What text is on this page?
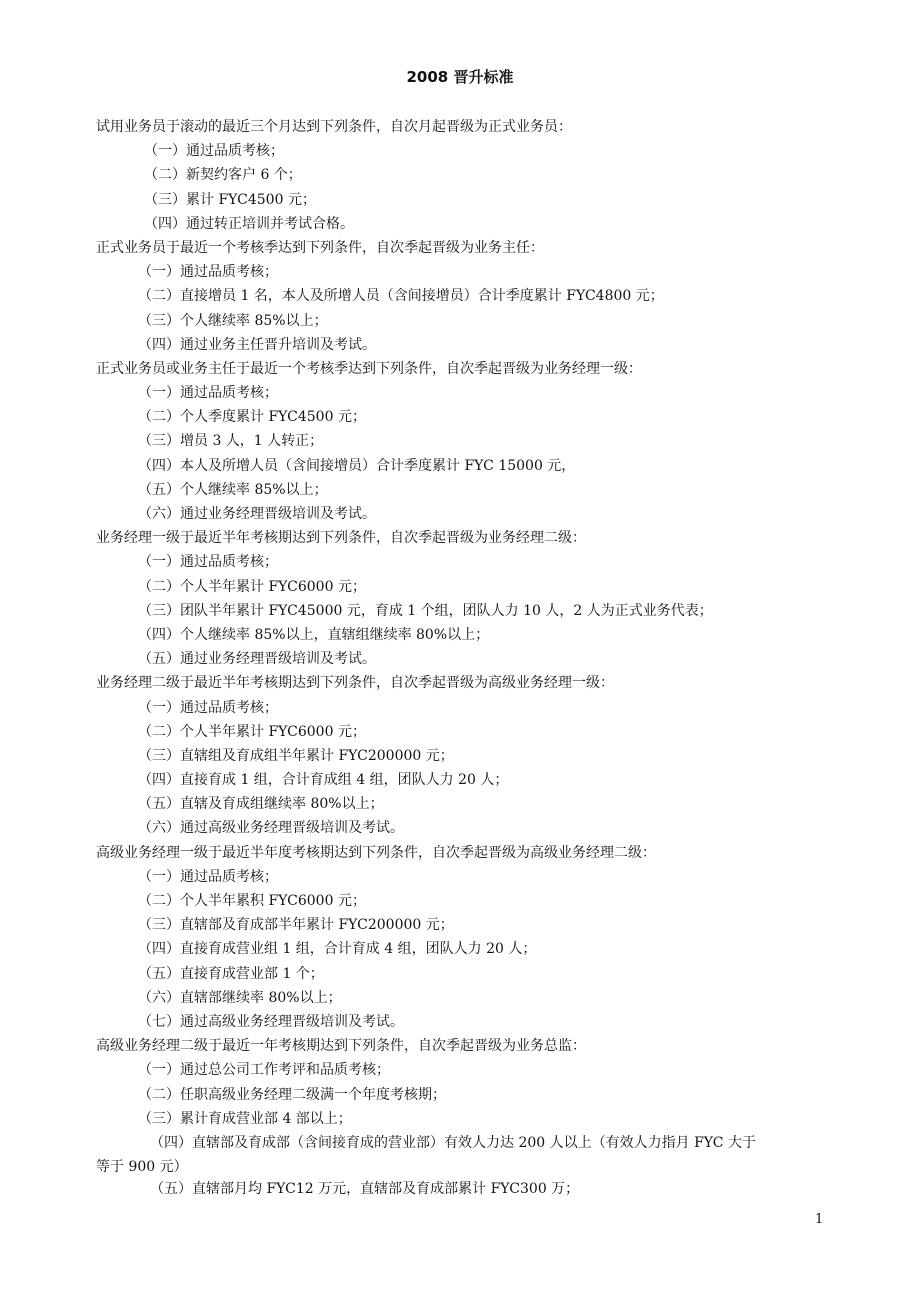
2008 晋升标准
试用业务员于滚动的最近三个月达到下列条件，自次月起晋级为正式业务员：
（一）通过品质考核；
（二）新契约客户 6 个；
（三）累计 FYC4500 元；
（四）通过转正培训并考试合格。
正式业务员于最近一个考核季达到下列条件，自次季起晋级为业务主任：
（一）通过品质考核；
（二）直接增员 1 名，本人及所增人员（含间接增员）合计季度累计 FYC4800 元；
（三）个人继续率 85%以上；
（四）通过业务主任晋升培训及考试。
正式业务员或业务主任于最近一个考核季达到下列条件，自次季起晋级为业务经理一级：
（一）通过品质考核；
（二）个人季度累计 FYC4500 元；
（三）增员 3 人，1 人转正；
（四）本人及所增人员（含间接增员）合计季度累计 FYC 15000 元，
（五）个人继续率 85%以上；
（六）通过业务经理晋级培训及考试。
业务经理一级于最近半年考核期达到下列条件，自次季起晋级为业务经理二级：
（一）通过品质考核；
（二）个人半年累计 FYC6000 元；
（三）团队半年累计 FYC45000 元，育成 1 个组，团队人力 10 人，2 人为正式业务代表；
（四）个人继续率 85%以上，直辖组继续率 80%以上；
（五）通过业务经理晋级培训及考试。
业务经理二级于最近半年考核期达到下列条件，自次季起晋级为高级业务经理一级：
（一）通过品质考核；
（二）个人半年累计 FYC6000 元；
（三）直辖组及育成组半年累计 FYC200000 元；
（四）直接育成 1 组，合计育成组 4 组，团队人力 20 人；
（五）直辖及育成组继续率 80%以上；
（六）通过高级业务经理晋级培训及考试。
高级业务经理一级于最近半年度考核期达到下列条件，自次季起晋级为高级业务经理二级：
（一）通过品质考核；
（二）个人半年累积 FYC6000 元；
（三）直辖部及育成部半年累计 FYC200000 元；
（四）直接育成营业组 1 组，合计育成 4 组，团队人力 20 人；
（五）直接育成营业部 1 个；
（六）直辖部继续率 80%以上；
（七）通过高级业务经理晋级培训及考试。
高级业务经理二级于最近一年考核期达到下列条件，自次季起晋级为业务总监：
（一）通过总公司工作考评和品质考核；
（二）任职高级业务经理二级满一个年度考核期；
（三）累计育成营业部 4 部以上；
（四）直辖部及育成部（含间接育成的营业部）有效人力达 200 人以上（有效人力指月 FYC 大于
等于 900 元）
（五）直辖部月均 FYC12 万元，直辖部及育成部累计 FYC300 万；
1
